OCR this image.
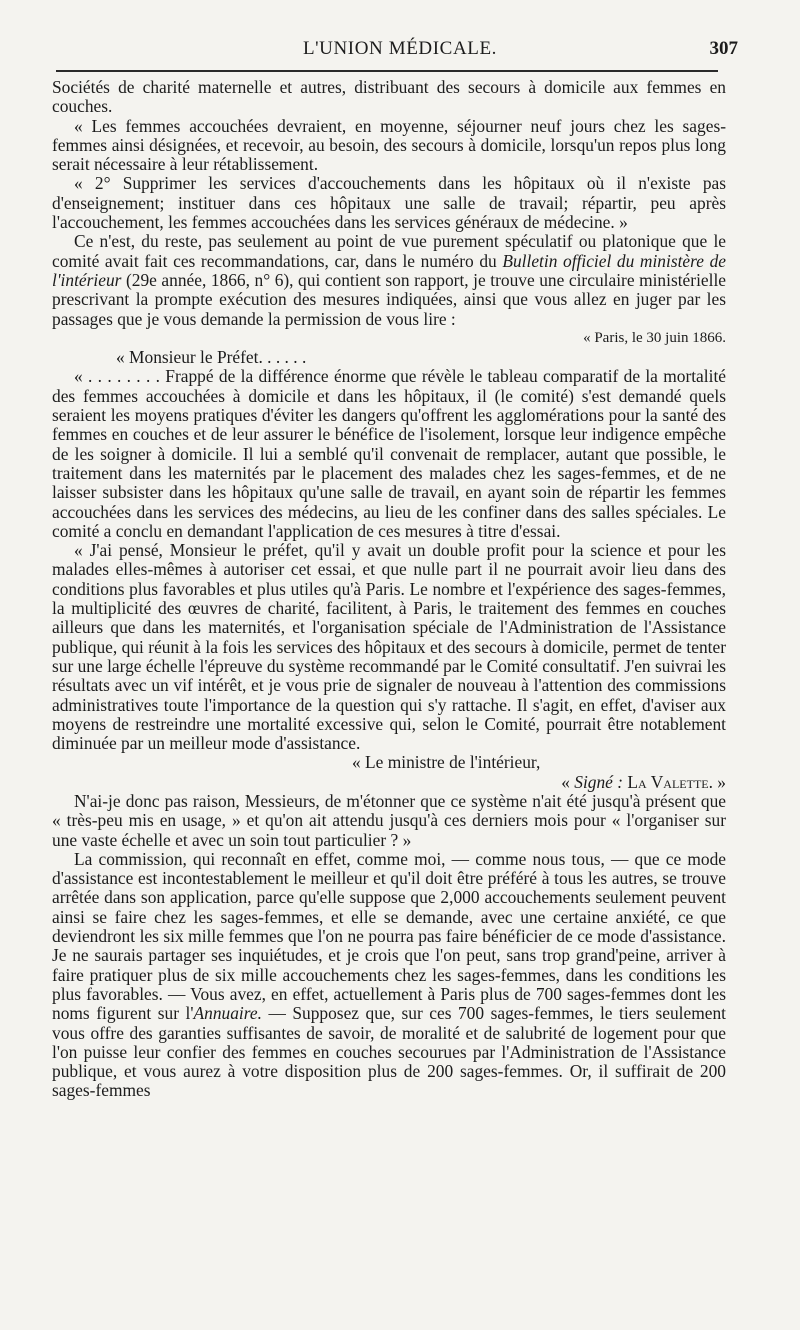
L'UNION MÉDICALE.	307

Sociétés de charité maternelle et autres, distribuant des secours à domicile aux femmes en couches.

« Les femmes accouchées devraient, en moyenne, séjourner neuf jours chez les sages-femmes ainsi désignées, et recevoir, au besoin, des secours à domicile, lorsqu'un repos plus long serait nécessaire à leur rétablissement.

« 2° Supprimer les services d'accouchements dans les hôpitaux où il n'existe pas d'enseignement; instituer dans ces hôpitaux une salle de travail; répartir, peu après l'accouchement, les femmes accouchées dans les services généraux de médecine. »

Ce n'est, du reste, pas seulement au point de vue purement spéculatif ou platonique que le comité avait fait ces recommandations, car, dans le numéro du Bulletin officiel du ministère de l'intérieur (29e année, 1866, n° 6), qui contient son rapport, je trouve une circulaire ministérielle prescrivant la prompte exécution des mesures indiquées, ainsi que vous allez en juger par les passages que je vous demande la permission de vous lire :

« Paris, le 30 juin 1866.

« Monsieur le Préfet. . . . . .

« . . . . . . . . Frappé de la différence énorme que révèle le tableau comparatif de la mortalité des femmes accouchées à domicile et dans les hôpitaux, il (le comité) s'est demandé quels seraient les moyens pratiques d'éviter les dangers qu'offrent les agglomérations pour la santé des femmes en couches et de leur assurer le bénéfice de l'isolement, lorsque leur indigence empêche de les soigner à domicile. Il lui a semblé qu'il convenait de remplacer, autant que possible, le traitement dans les maternités par le placement des malades chez les sages-femmes, et de ne laisser subsister dans les hôpitaux qu'une salle de travail, en ayant soin de répartir les femmes accouchées dans les services des médecins, au lieu de les confiner dans des salles spéciales. Le comité a conclu en demandant l'application de ces mesures à titre d'essai.

« J'ai pensé, Monsieur le préfet, qu'il y avait un double profit pour la science et pour les malades elles-mêmes à autoriser cet essai, et que nulle part il ne pourrait avoir lieu dans des conditions plus favorables et plus utiles qu'à Paris. Le nombre et l'expérience des sages-femmes, la multiplicité des œuvres de charité, facilitent, à Paris, le traitement des femmes en couches ailleurs que dans les maternités, et l'organisation spéciale de l'Administration de l'Assistance publique, qui réunit à la fois les services des hôpitaux et des secours à domicile, permet de tenter sur une large échelle l'épreuve du système recommandé par le Comité consultatif. J'en suivrai les résultats avec un vif intérêt, et je vous prie de signaler de nouveau à l'attention des commissions administratives toute l'importance de la question qui s'y rattache. Il s'agit, en effet, d'aviser aux moyens de restreindre une mortalité excessive qui, selon le Comité, pourrait être notablement diminuée par un meilleur mode d'assistance.

« Le ministre de l'intérieur,

« Signé : La Valette. »

N'ai-je donc pas raison, Messieurs, de m'étonner que ce système n'ait été jusqu'à présent que « très-peu mis en usage, » et qu'on ait attendu jusqu'à ces derniers mois pour « l'organiser sur une vaste échelle et avec un soin tout particulier ? »

La commission, qui reconnaît en effet, comme moi, — comme nous tous, — que ce mode d'assistance est incontestablement le meilleur et qu'il doit être préféré à tous les autres, se trouve arrêtée dans son application, parce qu'elle suppose que 2,000 accouchements seulement peuvent ainsi se faire chez les sages-femmes, et elle se demande, avec une certaine anxiété, ce que deviendront les six mille femmes que l'on ne pourra pas faire bénéficier de ce mode d'assistance. Je ne saurais partager ses inquiétudes, et je crois que l'on peut, sans trop grand'peine, arriver à faire pratiquer plus de six mille accouchements chez les sages-femmes, dans les conditions les plus favorables. — Vous avez, en effet, actuellement à Paris plus de 700 sages-femmes dont les noms figurent sur l'Annuaire. — Supposez que, sur ces 700 sages-femmes, le tiers seulement vous offre des garanties suffisantes de savoir, de moralité et de salubrité de logement pour que l'on puisse leur confier des femmes en couches secourues par l'Administration de l'Assistance publique, et vous aurez à votre disposition plus de 200 sages-femmes. Or, il suffirait de 200 sages-femmes
